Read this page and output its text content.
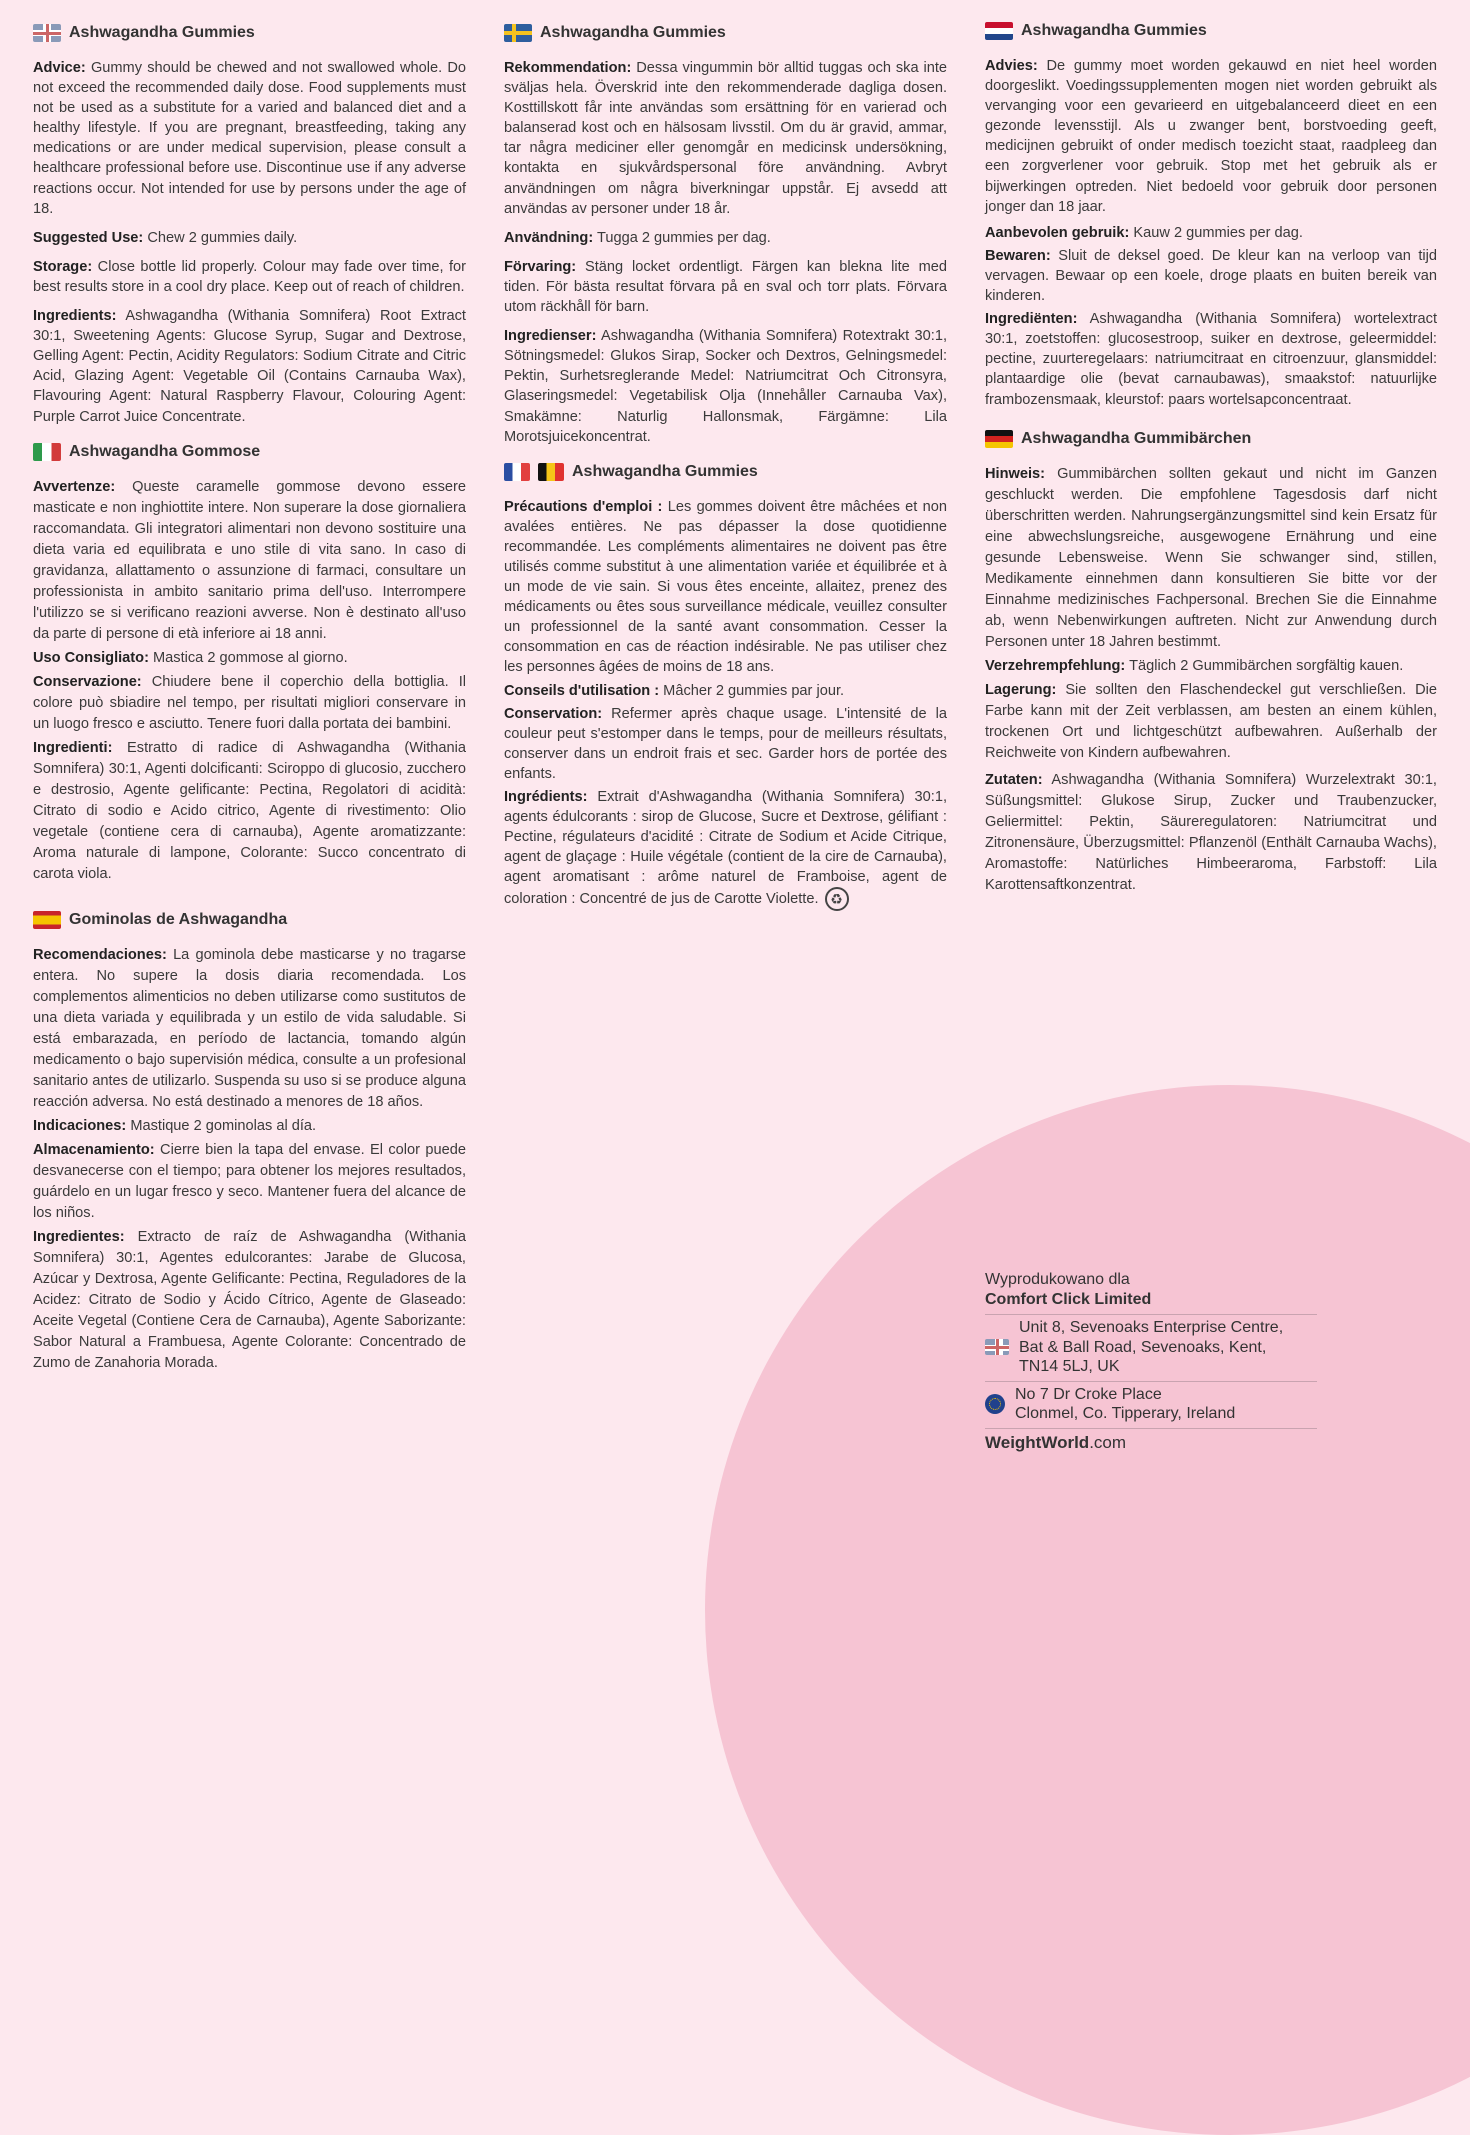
Ashwagandha Gummies

Advice: Gummy should be chewed and not swallowed whole. Do not exceed the recommended daily dose. Food supplements must not be used as a substitute for a varied and balanced diet and a healthy lifestyle. If you are pregnant, breastfeeding, taking any medications or are under medical supervision, please consult a healthcare professional before use. Discontinue use if any adverse reactions occur. Not intended for use by persons under the age of 18.

Suggested Use: Chew 2 gummies daily.

Storage: Close bottle lid properly. Colour may fade over time, for best results store in a cool dry place. Keep out of reach of children.

Ingredients: Ashwagandha (Withania Somnifera) Root Extract 30:1, Sweetening Agents: Glucose Syrup, Sugar and Dextrose, Gelling Agent: Pectin, Acidity Regulators: Sodium Citrate and Citric Acid, Glazing Agent: Vegetable Oil (Contains Carnauba Wax), Flavouring Agent: Natural Raspberry Flavour, Colouring Agent: Purple Carrot Juice Concentrate.

Ashwagandha Gommose

Avvertenze: Queste caramelle gommose devono essere masticate e non inghiottite intere. Non superare la dose giornaliera raccomandata. Gli integratori alimentari non devono sostituire una dieta varia ed equilibrata e uno stile di vita sano. In caso di gravidanza, allattamento o assunzione di farmaci, consultare un professionista in ambito sanitario prima dell'uso. Interrompere l'utilizzo se si verificano reazioni avverse. Non è destinato all'uso da parte di persone di età inferiore ai 18 anni.

Uso Consigliato: Mastica 2 gommose al giorno.

Conservazione: Chiudere bene il coperchio della bottiglia. Il colore può sbiadire nel tempo, per risultati migliori conservare in un luogo fresco e asciutto. Tenere fuori dalla portata dei bambini.

Ingredienti: Estratto di radice di Ashwagandha (Withania Somnifera) 30:1, Agenti dolcificanti: Sciroppo di glucosio, zucchero e destrosio, Agente gelificante: Pectina, Regolatori di acidità: Citrato di sodio e Acido citrico, Agente di rivestimento: Olio vegetale (contiene cera di carnauba), Agente aromatizzante: Aroma naturale di lampone, Colorante: Succo concentrato di carota viola.

Gominolas de Ashwagandha

Recomendaciones: La gominola debe masticarse y no tragarse entera. No supere la dosis diaria recomendada. Los complementos alimenticios no deben utilizarse como sustitutos de una dieta variada y equilibrada y un estilo de vida saludable. Si está embarazada, en período de lactancia, tomando algún medicamento o bajo supervisión médica, consulte a un profesional sanitario antes de utilizarlo. Suspenda su uso si se produce alguna reacción adversa. No está destinado a menores de 18 años.

Indicaciones: Mastique 2 gominolas al día.

Almacenamiento: Cierre bien la tapa del envase. El color puede desvanecerse con el tiempo; para obtener los mejores resultados, guárdelo en un lugar fresco y seco. Mantener fuera del alcance de los niños.

Ingredientes: Extracto de raíz de Ashwagandha (Withania Somnifera) 30:1, Agentes edulcorantes: Jarabe de Glucosa, Azúcar y Dextrosa, Agente Gelificante: Pectina, Reguladores de la Acidez: Citrato de Sodio y Ácido Cítrico, Agente de Glaseado: Aceite Vegetal (Contiene Cera de Carnauba), Agente Saborizante: Sabor Natural a Frambuesa, Agente Colorante: Concentrado de Zumo de Zanahoria Morada.

Ashwagandha Gummies

Rekommendation: Dessa vingummin bör alltid tuggas och ska inte sväljas hela. Överskrid inte den rekommenderade dagliga dosen. Kosttillskott får inte användas som ersättning för en varierad och balanserad kost och en hälsosam livsstil. Om du är gravid, ammar, tar några mediciner eller genomgår en medicinsk undersökning, kontakta en sjukvårdspersonal före användning. Avbryt användningen om några biverkningar uppstår. Ej avsedd att användas av personer under 18 år.

Användning: Tugga 2 gummies per dag.

Förvaring: Stäng locket ordentligt. Färgen kan blekna lite med tiden. För bästa resultat förvara på en sval och torr plats. Förvara utom räckhåll för barn.

Ingredienser: Ashwagandha (Withania Somnifera) Rotextrakt 30:1, Sötningsmedel: Glukos Sirap, Socker och Dextros, Gelningsmedel: Pektin, Surhetsreglerande Medel: Natriumcitrat Och Citronsyra, Glaseringsmedel: Vegetabilisk Olja (Innehåller Carnauba Vax), Smakämne: Naturlig Hallonsmak, Färgämne: Lila Morotsjuicekoncentrat.

Ashwagandha Gummies

Précautions d'emploi : Les gommes doivent être mâchées et non avalées entières. Ne pas dépasser la dose quotidienne recommandée. Les compléments alimentaires ne doivent pas être utilisés comme substitut à une alimentation variée et équilibrée et à un mode de vie sain. Si vous êtes enceinte, allaitez, prenez des médicaments ou êtes sous surveillance médicale, veuillez consulter un professionnel de la santé avant consommation. Cesser la consommation en cas de réaction indésirable. Ne pas utiliser chez les personnes âgées de moins de 18 ans.

Conseils d'utilisation : Mâcher 2 gummies par jour.

Conservation: Refermer après chaque usage. L'intensité de la couleur peut s'estomper dans le temps, pour de meilleurs résultats, conserver dans un endroit frais et sec. Garder hors de portée des enfants.

Ingrédients: Extrait d'Ashwagandha (Withania Somnifera) 30:1, agents édulcorants : sirop de Glucose, Sucre et Dextrose, gélifiant : Pectine, régulateurs d'acidité : Citrate de Sodium et Acide Citrique, agent de glaçage : Huile végétale (contient de la cire de Carnauba), agent aromatisant : arôme naturel de Framboise, agent de coloration : Concentré de jus de Carotte Violette. ♻

Ashwagandha Gummies

Advies: De gummy moet worden gekauwd en niet heel worden doorgeslikt. Voedingssupplementen mogen niet worden gebruikt als vervanging voor een gevarieerd en uitgebalanceerd dieet en een gezonde levensstijl. Als u zwanger bent, borstvoeding geeft, medicijnen gebruikt of onder medisch toezicht staat, raadpleeg dan een zorgverlener voor gebruik. Stop met het gebruik als er bijwerkingen optreden. Niet bedoeld voor gebruik door personen jonger dan 18 jaar.

Aanbevolen gebruik: Kauw 2 gummies per dag.

Bewaren: Sluit de deksel goed. De kleur kan na verloop van tijd vervagen. Bewaar op een koele, droge plaats en buiten bereik van kinderen.

Ingrediënten: Ashwagandha (Withania Somnifera) wortelextract 30:1, zoetstoffen: glucosestroop, suiker en dextrose, geleermiddel: pectine, zuurteregelaars: natriumcitraat en citroenzuur, glansmiddel: plantaardige olie (bevat carnaubawas), smaakstof: natuurlijke frambozensmaak, kleurstof: paars wortelsapconcentraat.

Ashwagandha Gummibärchen

Hinweis: Gummibärchen sollten gekaut und nicht im Ganzen geschluckt werden. Die empfohlene Tagesdosis darf nicht überschritten werden. Nahrungsergänzungsmittel sind kein Ersatz für eine abwechslungsreiche, ausgewogene Ernährung und eine gesunde Lebensweise. Wenn Sie schwanger sind, stillen, Medikamente einnehmen dann konsultieren Sie bitte vor der Einnahme medizinisches Fachpersonal. Brechen Sie die Einnahme ab, wenn Nebenwirkungen auftreten. Nicht zur Anwendung durch Personen unter 18 Jahren bestimmt.

Verzehrempfehlung: Täglich 2 Gummibärchen sorgfältig kauen.

Lagerung: Sie sollten den Flaschendeckel gut verschließen. Die Farbe kann mit der Zeit verblassen, am besten an einem kühlen, trockenen Ort und lichtgeschützt aufbewahren. Außerhalb der Reichweite von Kindern aufbewahren.

Zutaten: Ashwagandha (Withania Somnifera) Wurzelextrakt 30:1, Süßungsmittel: Glukose Sirup, Zucker und Traubenzucker, Geliermittel: Pektin, Säureregulatoren: Natriumcitrat und Zitronensäure, Überzugsmittel: Pflanzenöl (Enthält Carnauba Wachs), Aromastoffe: Natürliches Himbeeraroma, Farbstoff: Lila Karottensaftkonzentrat.

Wyprodukowano dla
Comfort Click Limited
Unit 8, Sevenoaks Enterprise Centre,
Bat & Ball Road, Sevenoaks, Kent,
TN14 5LJ, UK
No 7 Dr Croke Place
Clonmel, Co. Tipperary, Ireland
WeightWorld.com
